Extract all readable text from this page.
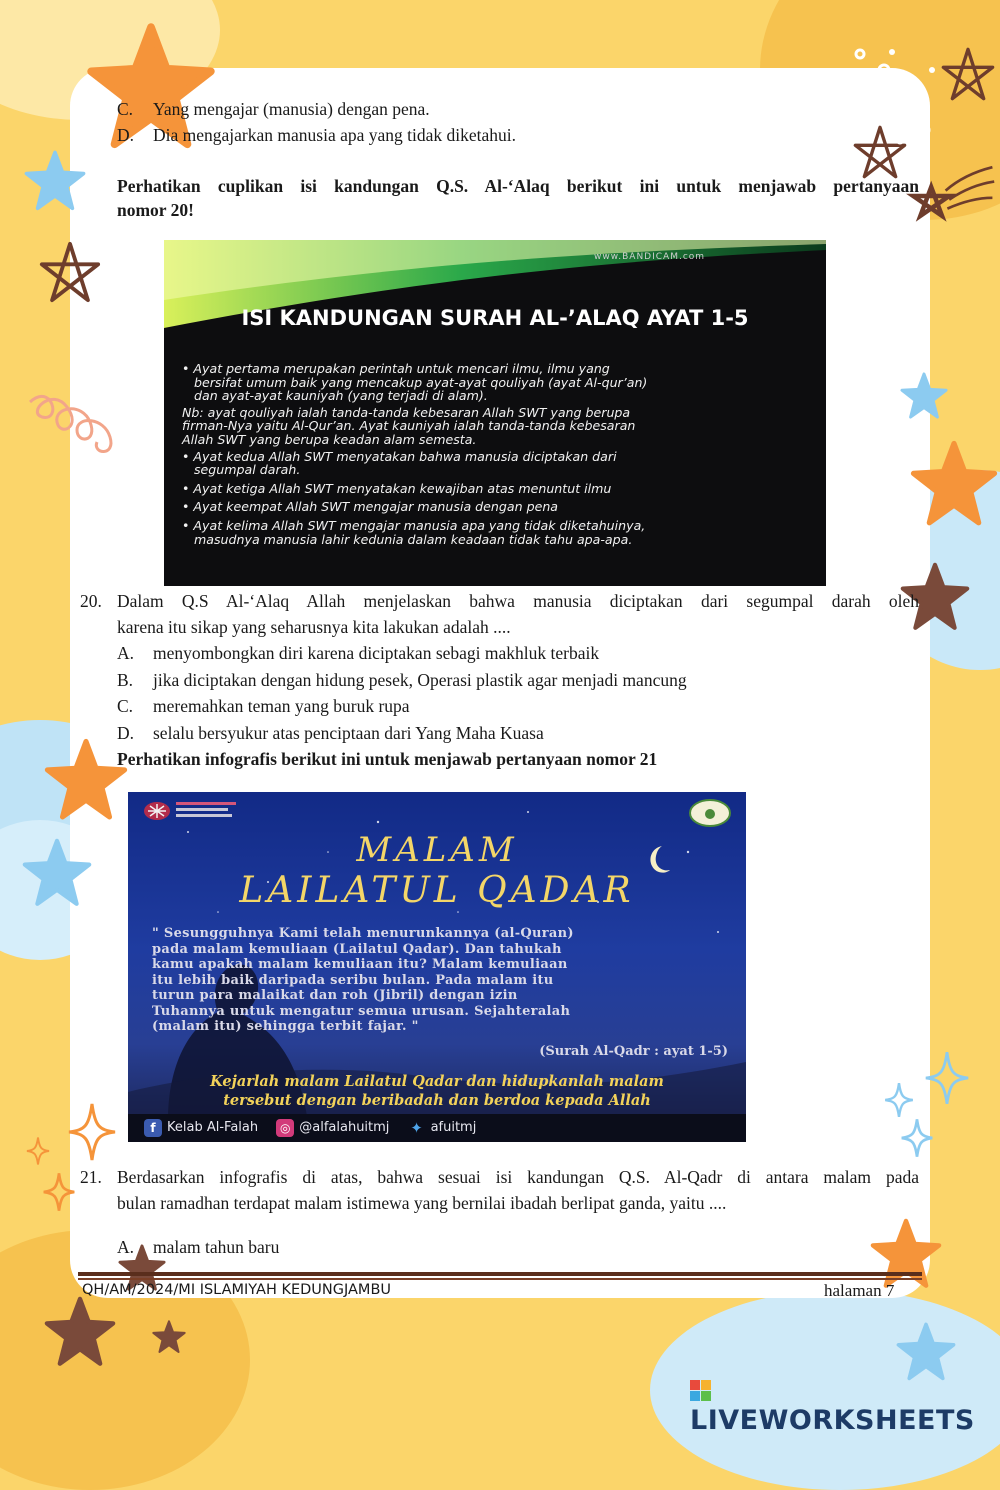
C. Yang mengajar (manusia) dengan pena.
D. Dia mengajarkan manusia apa yang tidak diketahui.
Perhatikan cuplikan isi kandungan Q.S. Al-‘Alaq berikut ini untuk menjawab pertanyaan
nomor 20!
www.BANDICAM.com
ISI KANDUNGAN SURAH AL-’ALAQ AYAT 1-5

• Ayat pertama merupakan perintah untuk mencari ilmu, ilmu yang

bersifat umum baik yang mencakup ayat-ayat qouliyah (ayat Al-qur’an)

dan ayat-ayat kauniyah (yang terjadi di alam).

Nb: ayat qouliyah ialah tanda-tanda kebesaran Allah SWT yang berupa

firman-Nya yaitu Al-Qur’an. Ayat kauniyah ialah tanda-tanda kebesaran

Allah SWT yang berupa keadan alam semesta.

• Ayat kedua Allah SWT menyatakan bahwa manusia diciptakan dari

segumpal darah.

• Ayat ketiga Allah SWT menyatakan kewajiban atas menuntut ilmu

• Ayat keempat Allah SWT mengajar manusia dengan pena

• Ayat kelima Allah SWT mengajar manusia apa yang tidak diketahuinya,

masudnya manusia lahir kedunia dalam keadaan tidak tahu apa-apa.

20. Dalam Q.S Al-‘Alaq Allah menjelaskan bahwa manusia diciptakan dari segumpal darah oleh
karena itu sikap yang seharusnya kita lakukan adalah ....
A. menyombongkan diri karena diciptakan sebagi makhluk terbaik
B. jika diciptakan dengan hidung pesek, Operasi plastik agar menjadi mancung
C. meremahkan teman yang buruk rupa
D. selalu bersyukur atas penciptaan dari Yang Maha Kuasa
Perhatikan infografis berikut ini untuk menjawab pertanyaan nomor 21
MALAM
LAILATUL QADAR
" Sesungguhnya Kami telah menurunkannya (al-Quran)
pada malam kemuliaan (Lailatul Qadar). Dan tahukah
kamu apakah malam kemuliaan itu? Malam kemuliaan
itu lebih baik daripada seribu bulan. Pada malam itu
turun para malaikat dan roh (Jibril) dengan izin
Tuhannya untuk mengatur semua urusan. Sejahteralah
(malam itu) sehingga terbit fajar. "
(Surah Al-Qadr : ayat 1-5)
Kejarlah malam Lailatul Qadar dan hidupkanlah malam
tersebut dengan beribadah dan berdoa kepada Allah
f Kelab Al-Falah ◎ @alfalahuitmj ✦ afuitmj
21. Berdasarkan infografis di atas, bahwa sesuai isi kandungan Q.S. Al-Qadr di antara malam pada
bulan ramadhan terdapat malam istimewa yang bernilai ibadah berlipat ganda, yaitu ....
A. malam tahun baru
QH/AM/2024/MI ISLAMIYAH KEDUNGJAMBU	halaman 7
LIVEWORKSHEETS
